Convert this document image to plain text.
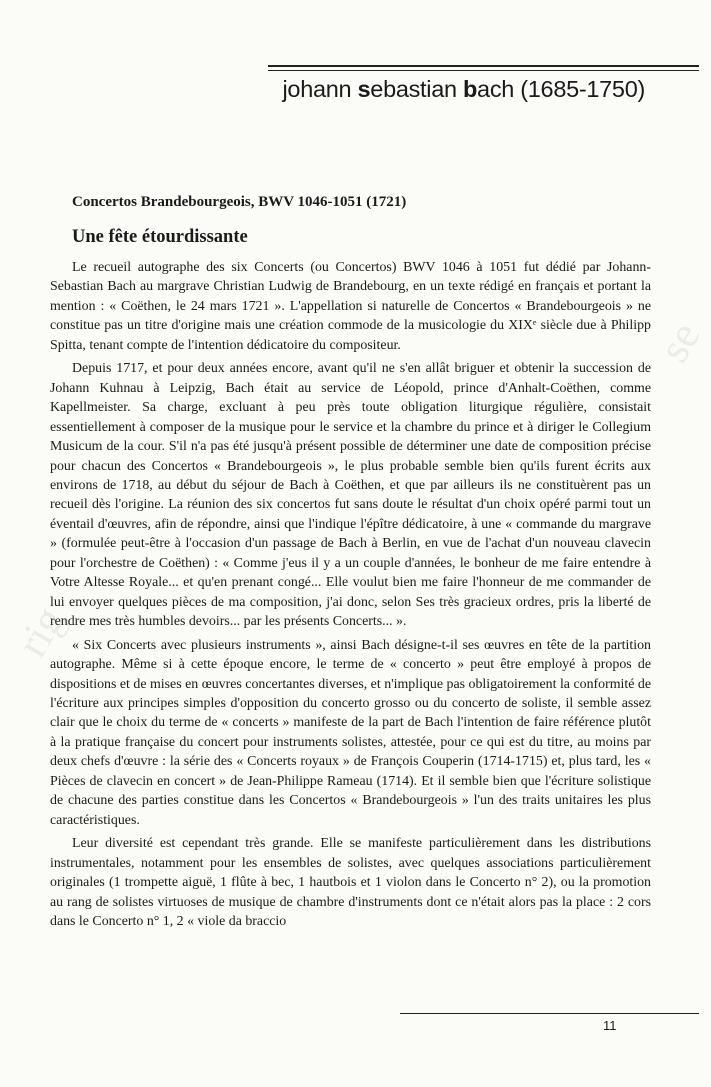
johann sebastian bach (1685-1750)
Concertos Brandebourgeois, BWV 1046-1051 (1721)
Une fête étourdissante

Le recueil autographe des six Concerts (ou Concertos) BWV 1046 à 1051 fut dédié par Johann-Sebastian Bach au margrave Christian Ludwig de Brandebourg, en un texte rédigé en français et portant la mention : « Coëthen, le 24 mars 1721 ». L'appellation si naturelle de Concertos « Brandebourgeois » ne constitue pas un titre d'origine mais une création commode de la musicologie du XIXᵉ siècle due à Philipp Spitta, tenant compte de l'intention dédicatoire du compositeur.

Depuis 1717, et pour deux années encore, avant qu'il ne s'en allât briguer et obtenir la succession de Johann Kuhnau à Leipzig, Bach était au service de Léopold, prince d'Anhalt-Coëthen, comme Kapellmeister. Sa charge, excluant à peu près toute obligation liturgique régulière, consistait essentiellement à composer de la musique pour le service et la chambre du prince et à diriger le Collegium Musicum de la cour. S'il n'a pas été jusqu'à présent possible de déterminer une date de composition précise pour chacun des Concertos « Brandebourgeois », le plus probable semble bien qu'ils furent écrits aux environs de 1718, au début du séjour de Bach à Coëthen, et que par ailleurs ils ne constituèrent pas un recueil dès l'origine. La réunion des six concertos fut sans doute le résultat d'un choix opéré parmi tout un éventail d'œuvres, afin de répondre, ainsi que l'indique l'épître dédicatoire, à une « commande du margrave » (formulée peut-être à l'occasion d'un passage de Bach à Berlin, en vue de l'achat d'un nouveau clavecin pour l'orchestre de Coëthen) : « Comme j'eus il y a un couple d'années, le bonheur de me faire entendre à Votre Altesse Royale... et qu'en prenant congé... Elle voulut bien me faire l'honneur de me commander de lui envoyer quelques pièces de ma composition, j'ai donc, selon Ses très gracieux ordres, pris la liberté de rendre mes très humbles devoirs... par les présents Concerts... ».

« Six Concerts avec plusieurs instruments », ainsi Bach désigne-t-il ses œuvres en tête de la partition autographe. Même si à cette époque encore, le terme de « concerto » peut être employé à propos de dispositions et de mises en œuvres concertantes diverses, et n'implique pas obligatoirement la conformité de l'écriture aux principes simples d'opposition du concerto grosso ou du concerto de soliste, il semble assez clair que le choix du terme de « concerts » manifeste de la part de Bach l'intention de faire référence plutôt à la pratique française du concert pour instruments solistes, attestée, pour ce qui est du titre, au moins par deux chefs d'œuvre : la série des « Concerts royaux » de François Couperin (1714-1715) et, plus tard, les « Pièces de clavecin en concert » de Jean-Philippe Rameau (1714). Et il semble bien que l'écriture solistique de chacune des parties constitue dans les Concertos « Brandebourgeois » l'un des traits unitaires les plus caractéristiques.

Leur diversité est cependant très grande. Elle se manifeste particulièrement dans les distributions instrumentales, notamment pour les ensembles de solistes, avec quelques associations particulièrement originales (1 trompette aiguë, 1 flûte à bec, 1 hautbois et 1 violon dans le Concerto n° 2), ou la promotion au rang de solistes virtuoses de musique de chambre d'instruments dont ce n'était alors pas la place : 2 cors dans le Concerto n° 1, 2 « viole da braccio

rig
se
11
